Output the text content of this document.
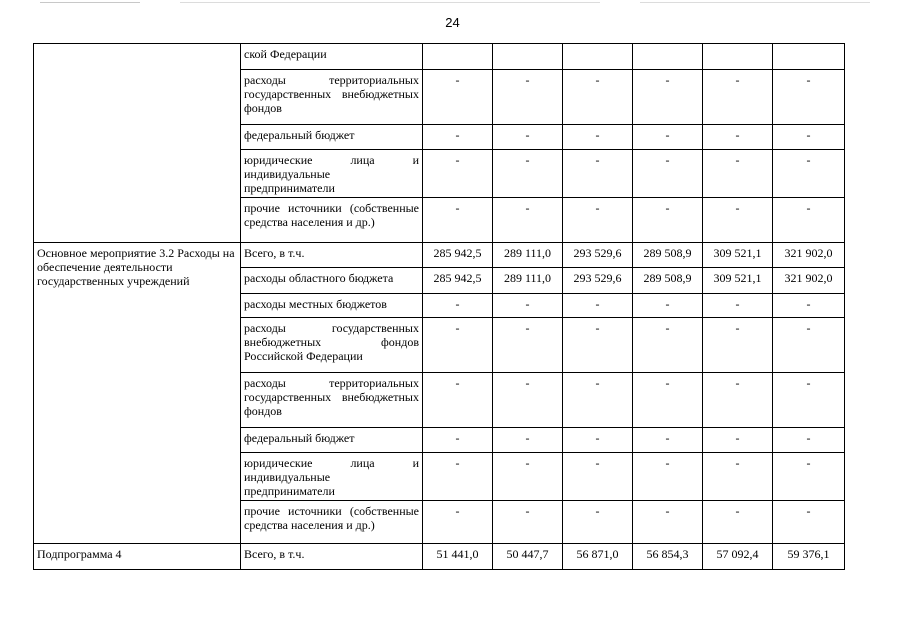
24
	ской Федерации						
	расходы территориальных государственных внебюджетных фондов	-	-	-	-	-	-
	федеральный бюджет	-	-	-	-	-	-
	юридические лица и индивидуальные предприниматели	-	-	-	-	-	-
	прочие источники (собственные средства населения и др.)	-	-	-	-	-	-
Основное мероприятие 3.2 Расходы на обеспечение деятельности государственных учреждений	Всего, в т.ч.	285 942,5	289 111,0	293 529,6	289 508,9	309 521,1	321 902,0
	расходы областного бюджета	285 942,5	289 111,0	293 529,6	289 508,9	309 521,1	321 902,0
	расходы местных бюджетов	-	-	-	-	-	-
	расходы государственных внебюджетных фондов Российской Федерации	-	-	-	-	-	-
	расходы территориальных государственных внебюджетных фондов	-	-	-	-	-	-
	федеральный бюджет	-	-	-	-	-	-
	юридические лица и индивидуальные предприниматели	-	-	-	-	-	-
	прочие источники (собственные средства населения и др.)	-	-	-	-	-	-
Подпрограмма 4	Всего, в т.ч.	51 441,0	50 447,7	56 871,0	56 854,3	57 092,4	59 376,1
